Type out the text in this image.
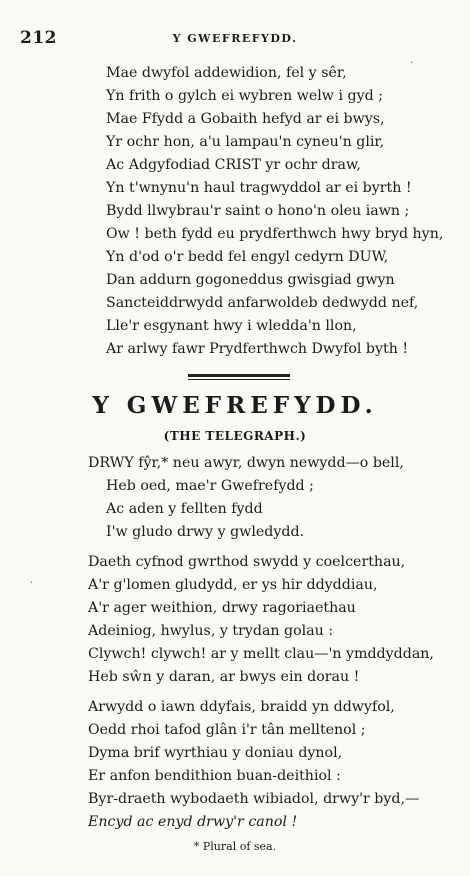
212	Y GWEFREFYDD.
Mae dwyfol addewidion, fel y sêr,
Yn frith o gylch ei wybren welw i gyd ;
Mae Ffydd a Gobaith hefyd ar ei bwys,
Yr ochr hon, a'u lampau'n cyneu'n glir,
Ac Adgyfodiad CRIST yr ochr draw,
Yn t'wnynu'n haul tragwyddol ar ei byrth !
Bydd llwybrau'r saint o hono'n oleu iawn ;
Ow ! beth fydd eu prydferthwch hwy bryd hyn,
Yn d'od o'r bedd fel engyl cedyrn DUW,
Dan addurn gogoneddus gwisgiad gwyn
Sancteiddrwydd anfarwoldeb dedwydd nef,
Lle'r esgynant hwy i wledda'n llon,
Ar arlwy fawr Prydferthwch Dwyfol byth !
Y GWEFREFYDD.
(THE TELEGRAPH.)
DRWY fŷr,* neu awyr, dwyn newydd—o bell,
Heb oed, mae'r Gwefrefydd ;
Ac aden y fellten fydd
I'w gludo drwy y gwledydd.
Daeth cyfnod gwrthod swydd y coelcerthau,
A'r g'lomen gludydd, er ys hir ddyddiau,
A'r ager weithion, drwy ragoriaethau
Adeiniog, hwylus, y trydan golau :
Clywch! clywch! ar y mellt clau—'n ymddyddan,
Heb sŵn y daran, ar bwys ein dorau !
Arwydd o iawn ddyfais, braidd yn ddwyfol,
Oedd rhoi tafod glân i'r tân melltenol ;
Dyma brif wyrthiau y doniau dynol,
Er anfon bendithion buan-deithiol :
Byr-draeth wybodaeth wibiadol, drwy'r byd,—
Encyd ac enyd drwy'r canol !
* Plural of sea.
·
·
